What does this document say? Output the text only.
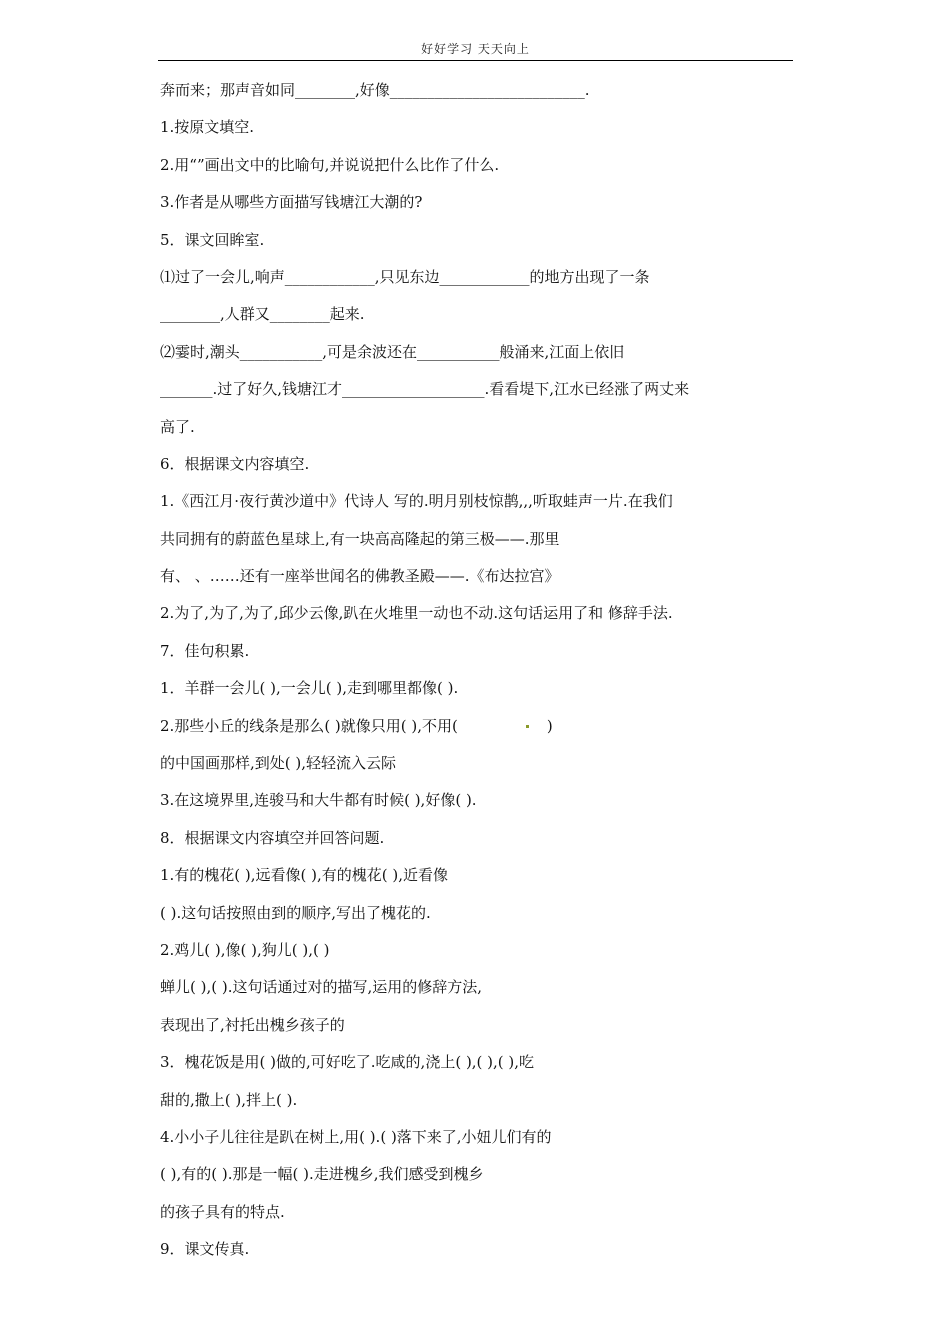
好好学习 天天向上
奔而来；那声音如同________,好像__________________________.
1.按原文填空.
2.用“”画出文中的比喻句,并说说把什么比作了什么.
3.作者是从哪些方面描写钱塘江大潮的?
5．课文回眸室.
⑴过了一会儿,响声____________,只见东边____________的地方出现了一条
________,人群又________起来.
⑵霎时,潮头___________,可是余波还在___________般涌来,江面上依旧
_______.过了好久,钱塘江才___________________.看看堤下,江水已经涨了两丈来
高了.
6．根据课文内容填空.
1.《西江月·夜行黄沙道中》代诗人 写的.明月别枝惊鹊,,,听取蛙声一片.在我们
共同拥有的蔚蓝色星球上,有一块高高隆起的第三极——.那里
有、 、……还有一座举世闻名的佛教圣殿——.《布达拉宫》
2.为了,为了,为了,邱少云像,趴在火堆里一动也不动.这句话运用了和 修辞手法.
7．佳句积累.
1．羊群一会儿( ),一会儿( ),走到哪里都像( ).
2.那些小丘的线条是那么( )就像只用( ),不用(	)
的中国画那样,到处( ),轻轻流入云际
3.在这境界里,连骏马和大牛都有时候( ),好像( ).
8．根据课文内容填空并回答问题.
1.有的槐花( ),远看像( ),有的槐花( ),近看像
( ).这句话按照由到的顺序,写出了槐花的.
2.鸡儿( ),像( ),狗儿( ),( )
蝉儿( ),( ).这句话通过对的描写,运用的修辞方法,
表现出了,衬托出槐乡孩子的
3．槐花饭是用( )做的,可好吃了.吃咸的,浇上( ),( ),( ),吃
甜的,撒上( ),拌上( ).
4.小小子儿往往是趴在树上,用( ).( )落下来了,小妞儿们有的
( ),有的( ).那是一幅( ).走进槐乡,我们感受到槐乡
的孩子具有的特点.
9．课文传真.
